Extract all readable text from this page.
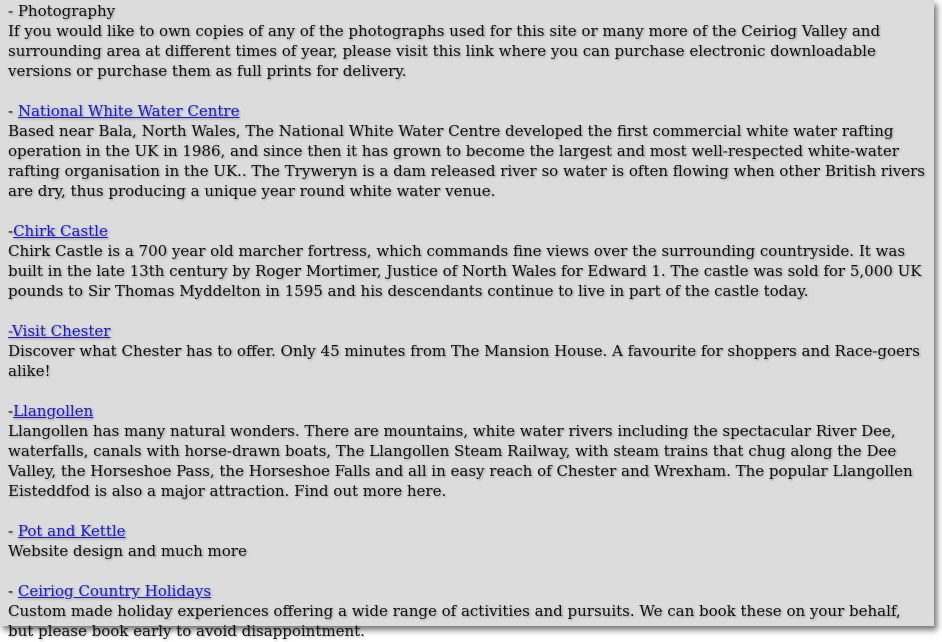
- Photography

If you would like to own copies of any of the photographs used for this site or many more of the Ceiriog Valley and surrounding area at different times of year, please visit this link where you can purchase electronic downloadable versions or purchase them as full prints for delivery.

- National White Water Centre

Based near Bala, North Wales, The National White Water Centre developed the first commercial white water rafting operation in the UK in 1986, and since then it has grown to become the largest and most well-respected white-water rafting organisation in the UK.. The Tryweryn is a dam released river so water is often flowing when other British rivers are dry, thus producing a unique year round white water venue.

-Chirk Castle

Chirk Castle is a 700 year old marcher fortress, which commands fine views over the surrounding countryside. It was built in the late 13th century by Roger Mortimer, Justice of North Wales for Edward 1. The castle was sold for 5,000 UK pounds to Sir Thomas Myddelton in 1595 and his descendants continue to live in part of the castle today.

-Visit Chester

Discover what Chester has to offer. Only 45 minutes from The Mansion House. A favourite for shoppers and Race-goers alike!

-Llangollen

Llangollen has many natural wonders. There are mountains, white water rivers including the spectacular River Dee, waterfalls, canals with horse-drawn boats, The Llangollen Steam Railway, with steam trains that chug along the Dee Valley, the Horseshoe Pass, the Horseshoe Falls and all in easy reach of Chester and Wrexham. The popular Llangollen Eisteddfod is also a major attraction. Find out more here.

- Pot and Kettle

Website design and much more

- Ceiriog Country Holidays

Custom made holiday experiences offering a wide range of activities and pursuits. We can book these on your behalf, but please book early to avoid disappointment.
